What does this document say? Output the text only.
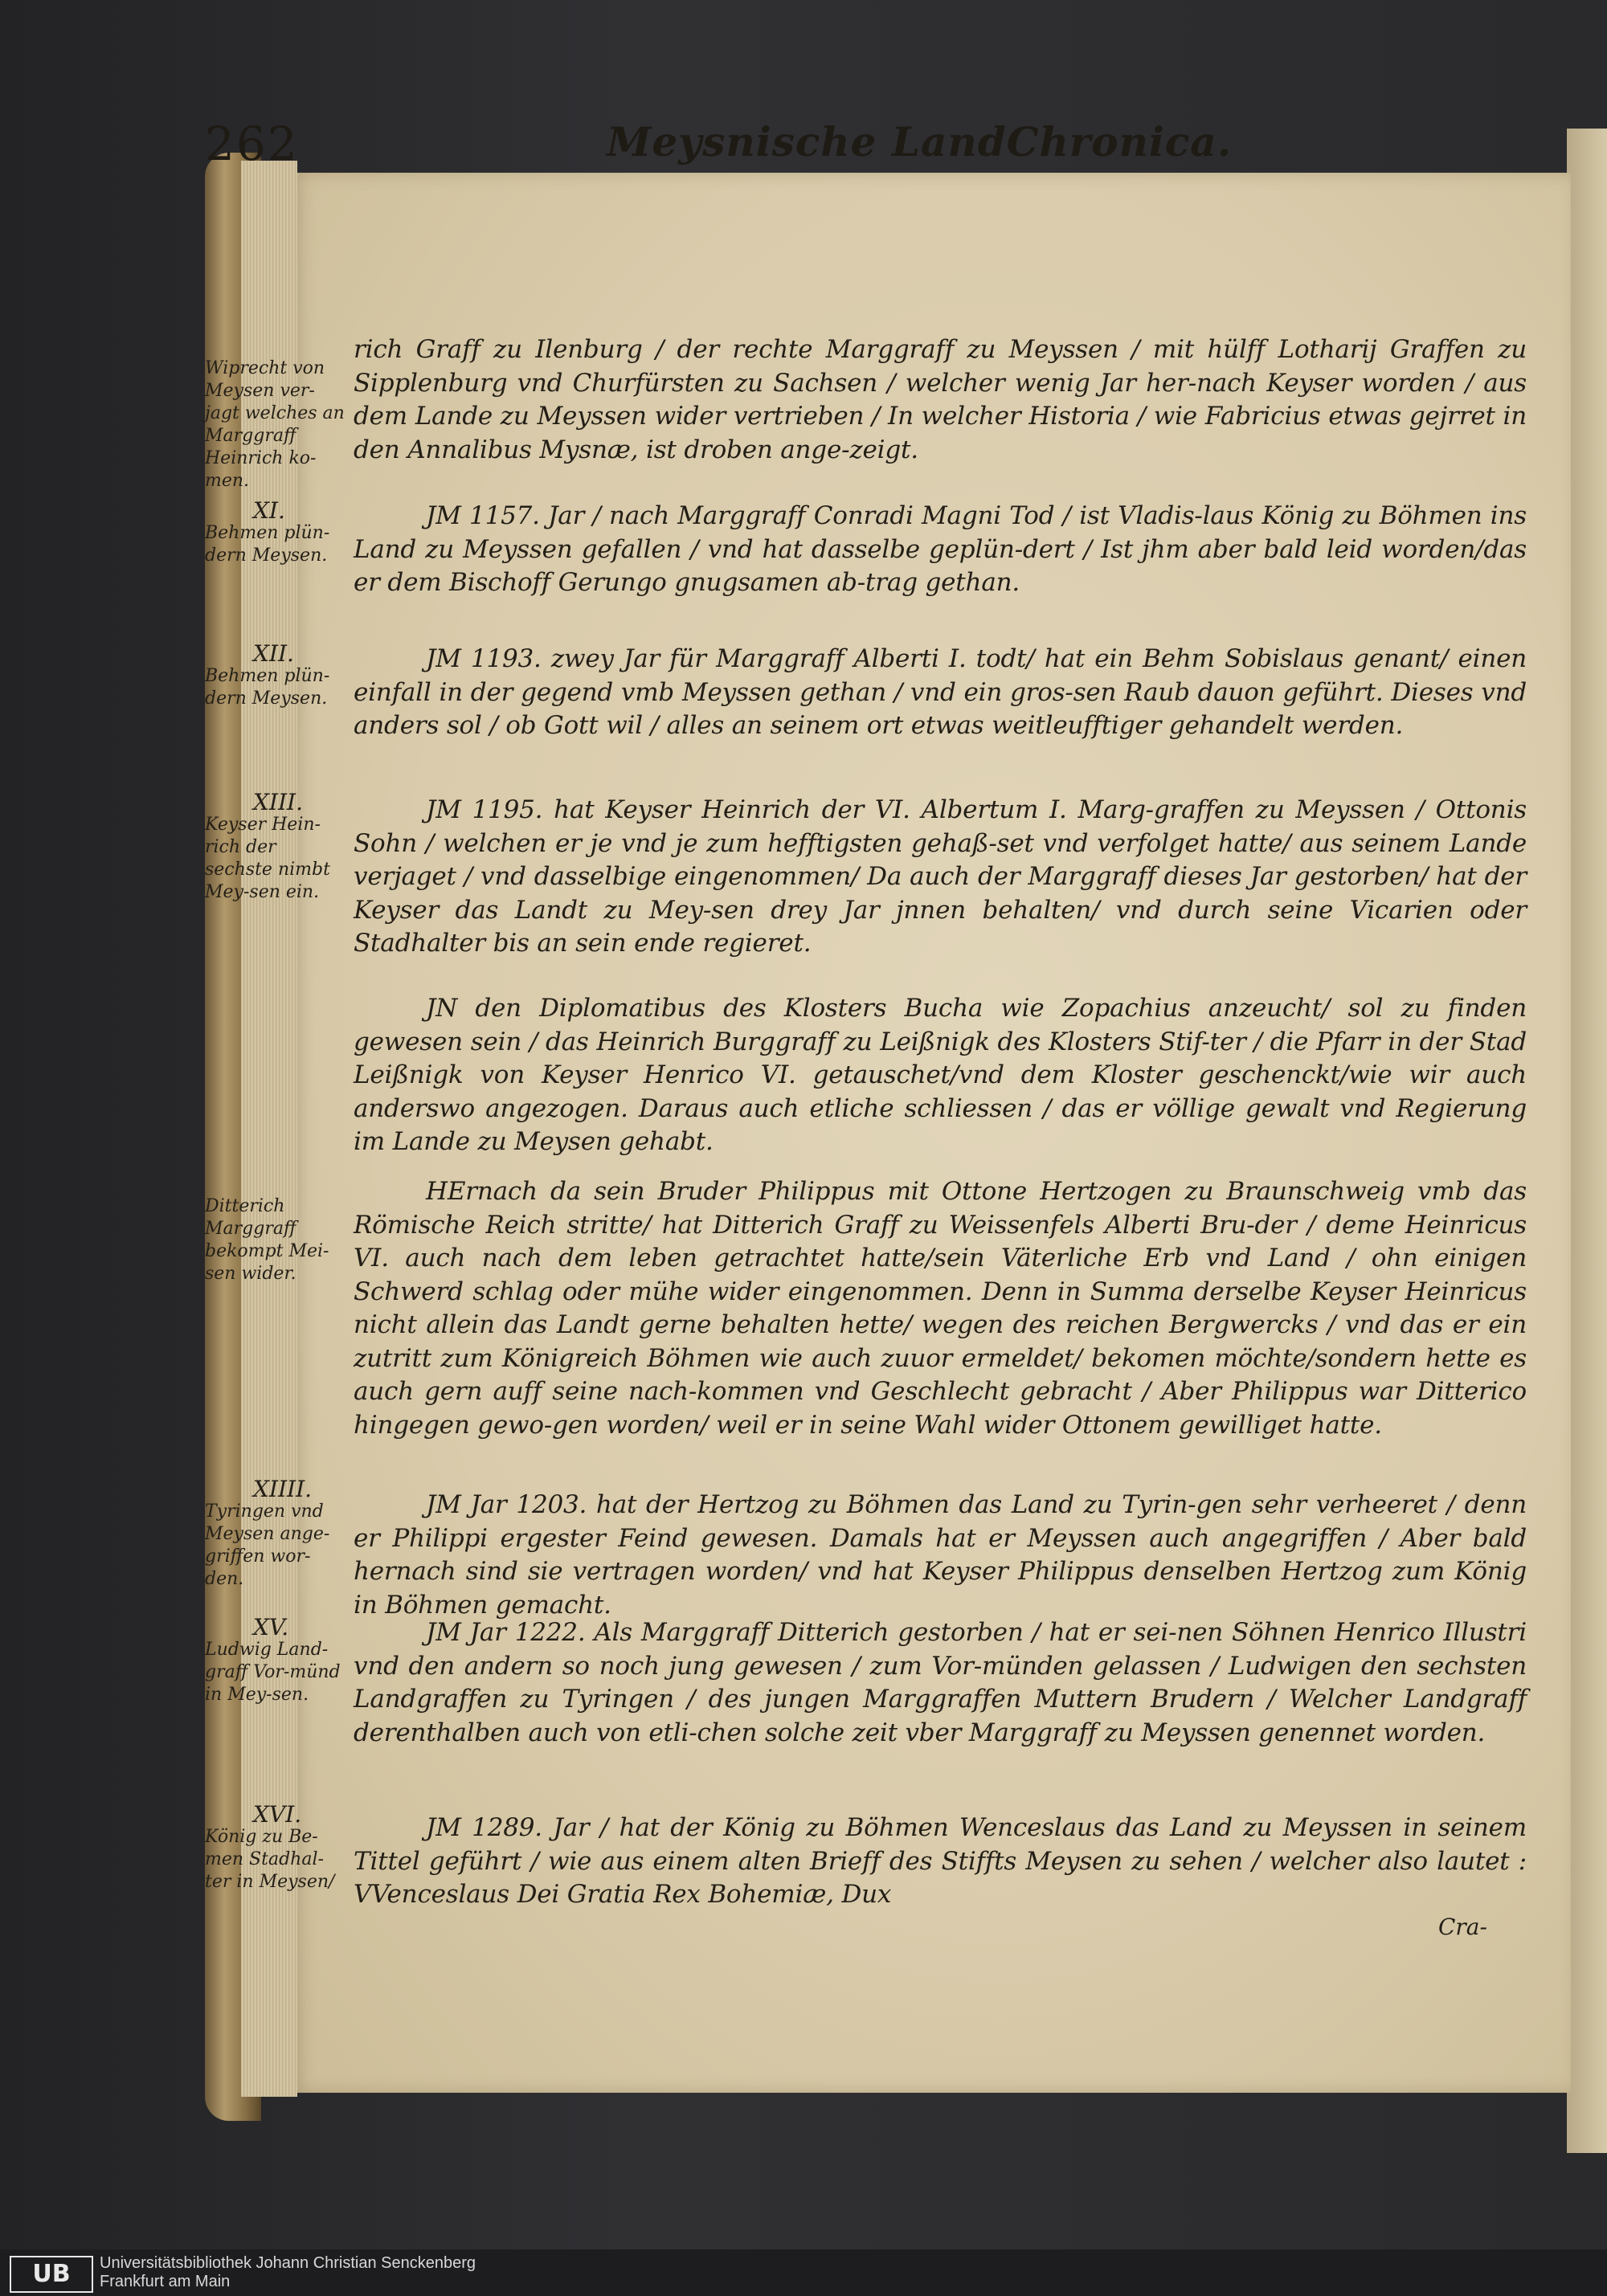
262	Meysnische LandChronica.
Wiprecht von Meysen ver-jagt welches an Marggraff Heinrich ko-men.
XI.
Behmen plün-dern Meysen.
XII.
Behmen plün-dern Meysen.
XIII.
Keyser Hein-rich der sechste nimbt Mey-sen ein.
Ditterich Marggraff bekompt Mei-sen wider.
XIIII.
Tyringen vnd Meysen ange-griffen wor-den.
XV.
Ludwig Land-graff Vor-münd in Mey-sen.
XVI.
König zu Be-men Stadhal-ter in Meysen/
rich Graff zu Ilenburg / der rechte Marggraff zu Meyssen / mit hülff Lotharij Graffen zu Sipplenburg vnd Churfürsten zu Sachsen / welcher wenig Jar her-nach Keyser worden / aus dem Lande zu Meyssen wider vertrieben / In welcher Historia / wie Fabricius etwas gejrret in den Annalibus Mysnæ, ist droben ange-zeigt.
JM 1157. Jar / nach Marggraff Conradi Magni Tod / ist Vladis-laus König zu Böhmen ins Land zu Meyssen gefallen / vnd hat dasselbe geplün-dert / Ist jhm aber bald leid worden/das er dem Bischoff Gerungo gnugsamen ab-trag gethan.
JM 1193. zwey Jar für Marggraff Alberti I. todt/ hat ein Behm Sobislaus genant/ einen einfall in der gegend vmb Meyssen gethan / vnd ein gros-sen Raub dauon geführt. Dieses vnd anders sol / ob Gott wil / alles an seinem ort etwas weitleufftiger gehandelt werden.
JM 1195. hat Keyser Heinrich der VI. Albertum I. Marg-graffen zu Meyssen / Ottonis Sohn / welchen er je vnd je zum hefftigsten gehaß-set vnd verfolget hatte/ aus seinem Lande verjaget / vnd dasselbige eingenommen/ Da auch der Marggraff dieses Jar gestorben/ hat der Keyser das Landt zu Mey-sen drey Jar jnnen behalten/ vnd durch seine Vicarien oder Stadhalter bis an sein ende regieret.
JN den Diplomatibus des Klosters Bucha wie Zopachius anzeucht/ sol zu finden gewesen sein / das Heinrich Burggraff zu Leißnigk des Klosters Stif-ter / die Pfarr in der Stad Leißnigk von Keyser Henrico VI. getauschet/vnd dem Kloster geschenckt/wie wir auch anderswo angezogen. Daraus auch etliche schliessen / das er völlige gewalt vnd Regierung im Lande zu Meysen gehabt.
HErnach da sein Bruder Philippus mit Ottone Hertzogen zu Braunschweig vmb das Römische Reich stritte/ hat Ditterich Graff zu Weissenfels Alberti Bru-der / deme Heinricus VI. auch nach dem leben getrachtet hatte/sein Väterliche Erb vnd Land / ohn einigen Schwerd schlag oder mühe wider eingenommen. Denn in Summa derselbe Keyser Heinricus nicht allein das Landt gerne behalten hette/ wegen des reichen Bergwercks / vnd das er ein zutritt zum Königreich Böhmen wie auch zuuor ermeldet/ bekomen möchte/sondern hette es auch gern auff seine nach-kommen vnd Geschlecht gebracht / Aber Philippus war Ditterico hingegen gewo-gen worden/ weil er in seine Wahl wider Ottonem gewilliget hatte.
JM Jar 1203. hat der Hertzog zu Böhmen das Land zu Tyrin-gen sehr verheeret / denn er Philippi ergester Feind gewesen. Damals hat er Meyssen auch angegriffen / Aber bald hernach sind sie vertragen worden/ vnd hat Keyser Philippus denselben Hertzog zum König in Böhmen gemacht.
JM Jar 1222. Als Marggraff Ditterich gestorben / hat er sei-nen Söhnen Henrico Illustri vnd den andern so noch jung gewesen / zum Vor-münden gelassen / Ludwigen den sechsten Landgraffen zu Tyringen / des jungen Marggraffen Muttern Brudern / Welcher Landgraff derenthalben auch von etli-chen solche zeit vber Marggraff zu Meyssen genennet worden.
JM 1289. Jar / hat der König zu Böhmen Wenceslaus das Land zu Meyssen in seinem Tittel geführt / wie aus einem alten Brieff des Stiffts Meysen zu sehen / welcher also lautet : VVenceslaus Dei Gratia Rex Bohemiæ, Dux
Cra-
UB	Universitätsbibliothek Johann Christian Senckenberg
Frankfurt am Main
